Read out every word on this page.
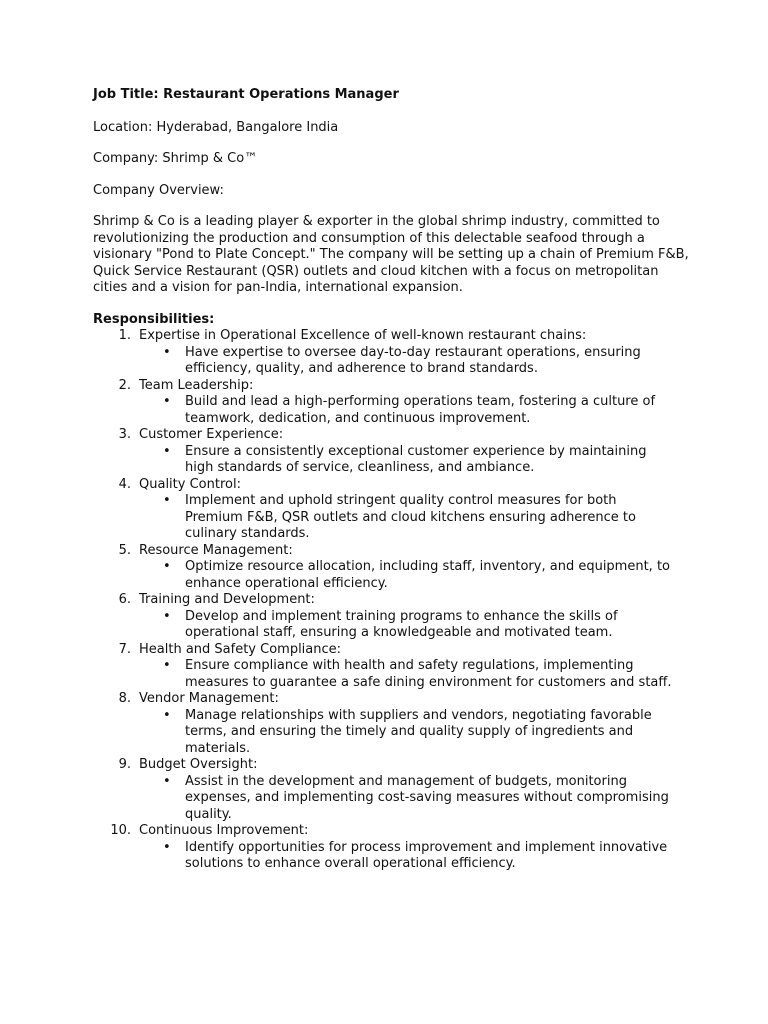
Job Title: Restaurant Operations Manager

Location: Hyderabad, Bangalore India

Company: Shrimp & Co™

Company Overview:

Shrimp & Co is a leading player & exporter in the global shrimp industry, committed to revolutionizing the production and consumption of this delectable seafood through a visionary "Pond to Plate Concept." The company will be setting up a chain of Premium F&B, Quick Service Restaurant (QSR) outlets and cloud kitchen with a focus on metropolitan cities and a vision for pan-India, international expansion.

Responsibilities:

1. Expertise in Operational Excellence of well-known restaurant chains:
• Have expertise to oversee day-to-day restaurant operations, ensuring efficiency, quality, and adherence to brand standards.
2. Team Leadership:
• Build and lead a high-performing operations team, fostering a culture of teamwork, dedication, and continuous improvement.
3. Customer Experience:
• Ensure a consistently exceptional customer experience by maintaining high standards of service, cleanliness, and ambiance.
4. Quality Control:
• Implement and uphold stringent quality control measures for both Premium F&B, QSR outlets and cloud kitchens ensuring adherence to culinary standards.
5. Resource Management:
• Optimize resource allocation, including staff, inventory, and equipment, to enhance operational efficiency.
6. Training and Development:
• Develop and implement training programs to enhance the skills of operational staff, ensuring a knowledgeable and motivated team.
7. Health and Safety Compliance:
• Ensure compliance with health and safety regulations, implementing measures to guarantee a safe dining environment for customers and staff.
8. Vendor Management:
• Manage relationships with suppliers and vendors, negotiating favorable terms, and ensuring the timely and quality supply of ingredients and materials.
9. Budget Oversight:
• Assist in the development and management of budgets, monitoring expenses, and implementing cost-saving measures without compromising quality.
10. Continuous Improvement:
• Identify opportunities for process improvement and implement innovative solutions to enhance overall operational efficiency.
